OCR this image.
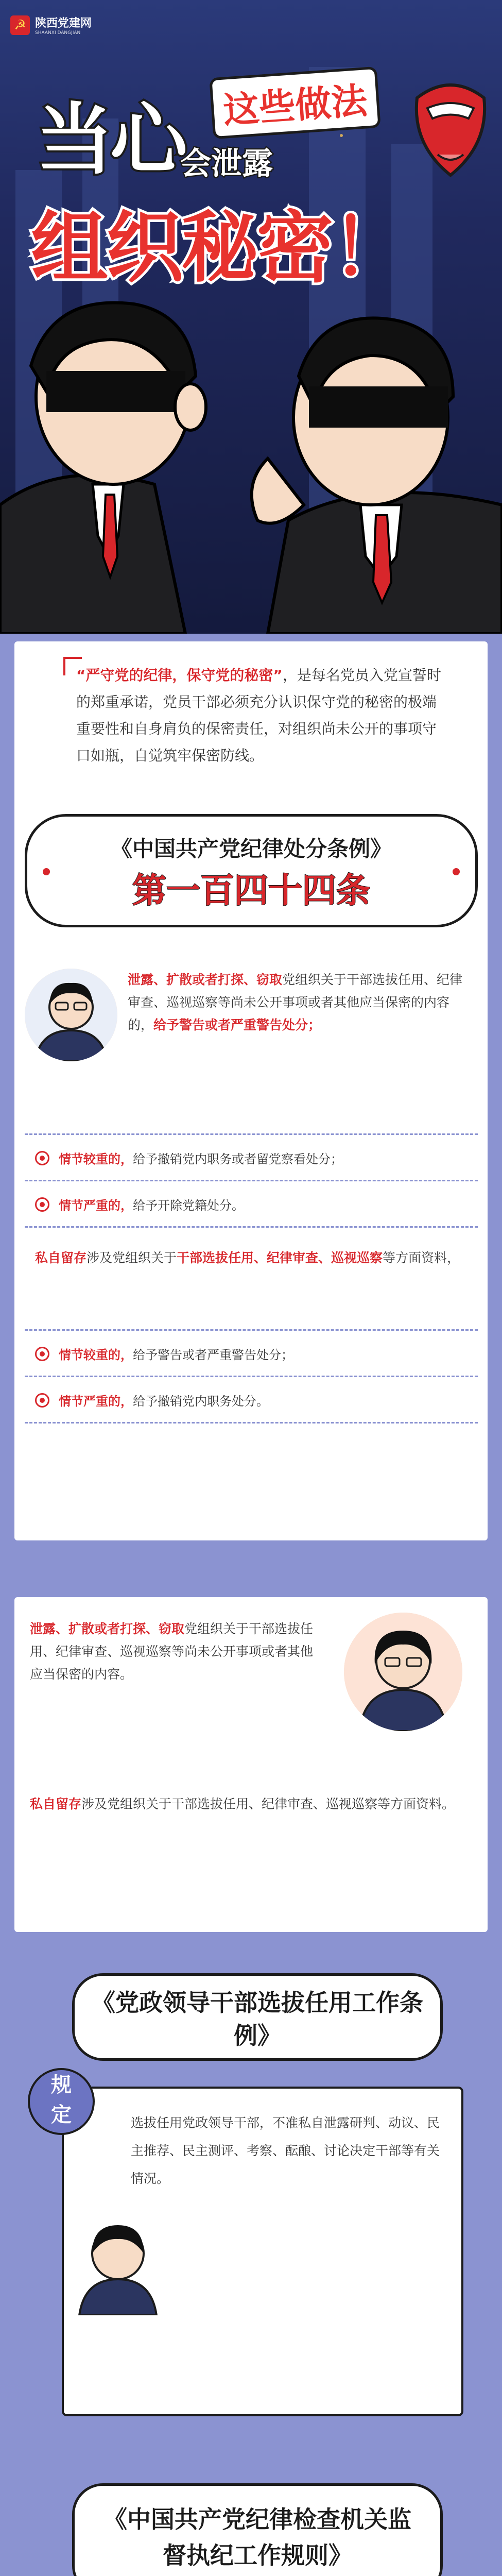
☭ 陕西党建网
SHAANXI DANGJIAN
当心	这些做法
会泄露
组织秘密！

“严守党的纪律，保守党的秘密”，是每名党员入党宣誓时的郑重承诺，党员干部必须充分认识保守党的秘密的极端重要性和自身肩负的保密责任，对组织尚未公开的事项守口如瓶，自觉筑牢保密防线。

《中国共产党纪律处分条例》
第一百四十四条

泄露、扩散或者打探、窃取党组织关于干部选拔任用、纪律审查、巡视巡察等尚未公开事项或者其他应当保密的内容的，给予警告或者严重警告处分；

情节较重的，给予撤销党内职务或者留党察看处分；
情节严重的，给予开除党籍处分。

私自留存涉及党组织关于干部选拔任用、纪律审查、巡视巡察等方面资料，

情节较重的，给予警告或者严重警告处分；
情节严重的，给予撤销党内职务处分。

泄露、扩散或者打探、窃取党组织关于干部选拔任用、纪律审查、巡视巡察等尚未公开事项或者其他应当保密的内容。

私自留存涉及党组织关于干部选拔任用、纪律审查、巡视巡察等方面资料。

《党政领导干部选拔任用工作条例》
规
定	选拔任用党政领导干部，不准私自泄露研判、动议、民主推荐、民主测评、考察、酝酿、讨论决定干部等有关情况。

《中国共产党纪律检查机关监督执纪工作规则》
